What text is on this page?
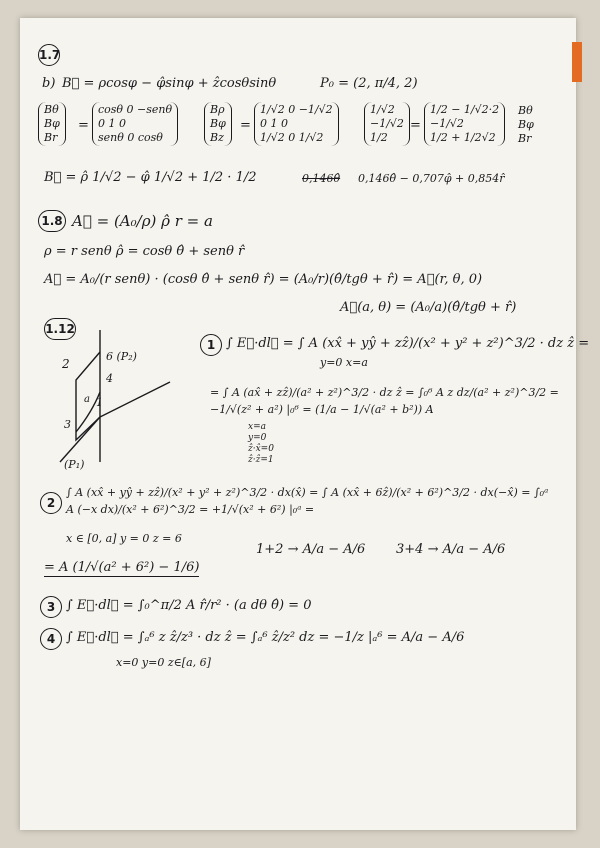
1.7
b) B⃗ = ρcosφ − φ̂sinφ + ẑcosθsinθ	P₀ = (2, π/4, 2)
Bθ
Bφ
Br
=
cosθ 0 −senθ
0 1 0
senθ 0 cosθ
Bρ
Bφ
Bz
=
1/√2 0 −1/√2
0 1 0
1/√2 0 1/√2
1/√2
−1/√2
1/2
=
1/2 − 1/√2·2
−1/√2
1/2 + 1/2√2
Bθ
Bφ
Br
B⃗ = ρ̂ 1/√2 − φ̂ 1/√2 + 1/2 · 1/2	0,146θ̂ 0,146θ̂ − 0,707φ̂ + 0,854r̂
1.8 A⃗ = (A₀/ρ) ρ̂ r = a
ρ = r senθ ρ̂ = cosθ θ̂ + senθ r̂
A⃗ = A₀/(r senθ) · (cosθ θ̂ + senθ r̂) = (A₀/r)(θ̂/tgθ + r̂) = A⃗(r, θ, 0)
A⃗(a, θ) = (A₀/a)(θ̂/tgθ + r̂)
1.12
2
6 (P₂)
4
1
3
(P₁)
a
1 ∫ E⃗·dl⃗ = ∫ A (xx̂ + yŷ + zẑ)/(x² + y² + z²)^3/2 · dz ẑ =
y=0 x=a
= ∫ A (ax̂ + zẑ)/(a² + z²)^3/2 · dz ẑ = ∫₀⁶ A z dz/(a² + z²)^3/2 = −1/√(z² + a²) |₀⁶ = (1/a − 1/√(a² + b²)) A
x=a
y=0
ẑ·x̂=0
ẑ·ẑ=1
2
∫ A (xx̂ + yŷ + zẑ)/(x² + y² + z²)^3/2 · dx(x̂) = ∫ A (xx̂ + 6ẑ)/(x² + 6²)^3/2 · dx(−x̂) = ∫₀ᵃ A (−x dx)/(x² + 6²)^3/2 = +1/√(x² + 6²) |₀ᵃ =
x ∈ [0, a] y = 0 z = 6
= A (1/√(a² + 6²) − 1/6)
1+2 → A/a − A/6 3+4 → A/a − A/6
3 ∫ E⃗·dl⃗ = ∫₀^π/2 A r̂/r² · (a dθ θ̂) = 0
4 ∫ E⃗·dl⃗ = ∫ₐ⁶ z ẑ/z³ · dz ẑ = ∫ₐ⁶ ẑ/z² dz = −1/z |ₐ⁶ = A/a − A/6
x=0 y=0 z∈[a, 6]
